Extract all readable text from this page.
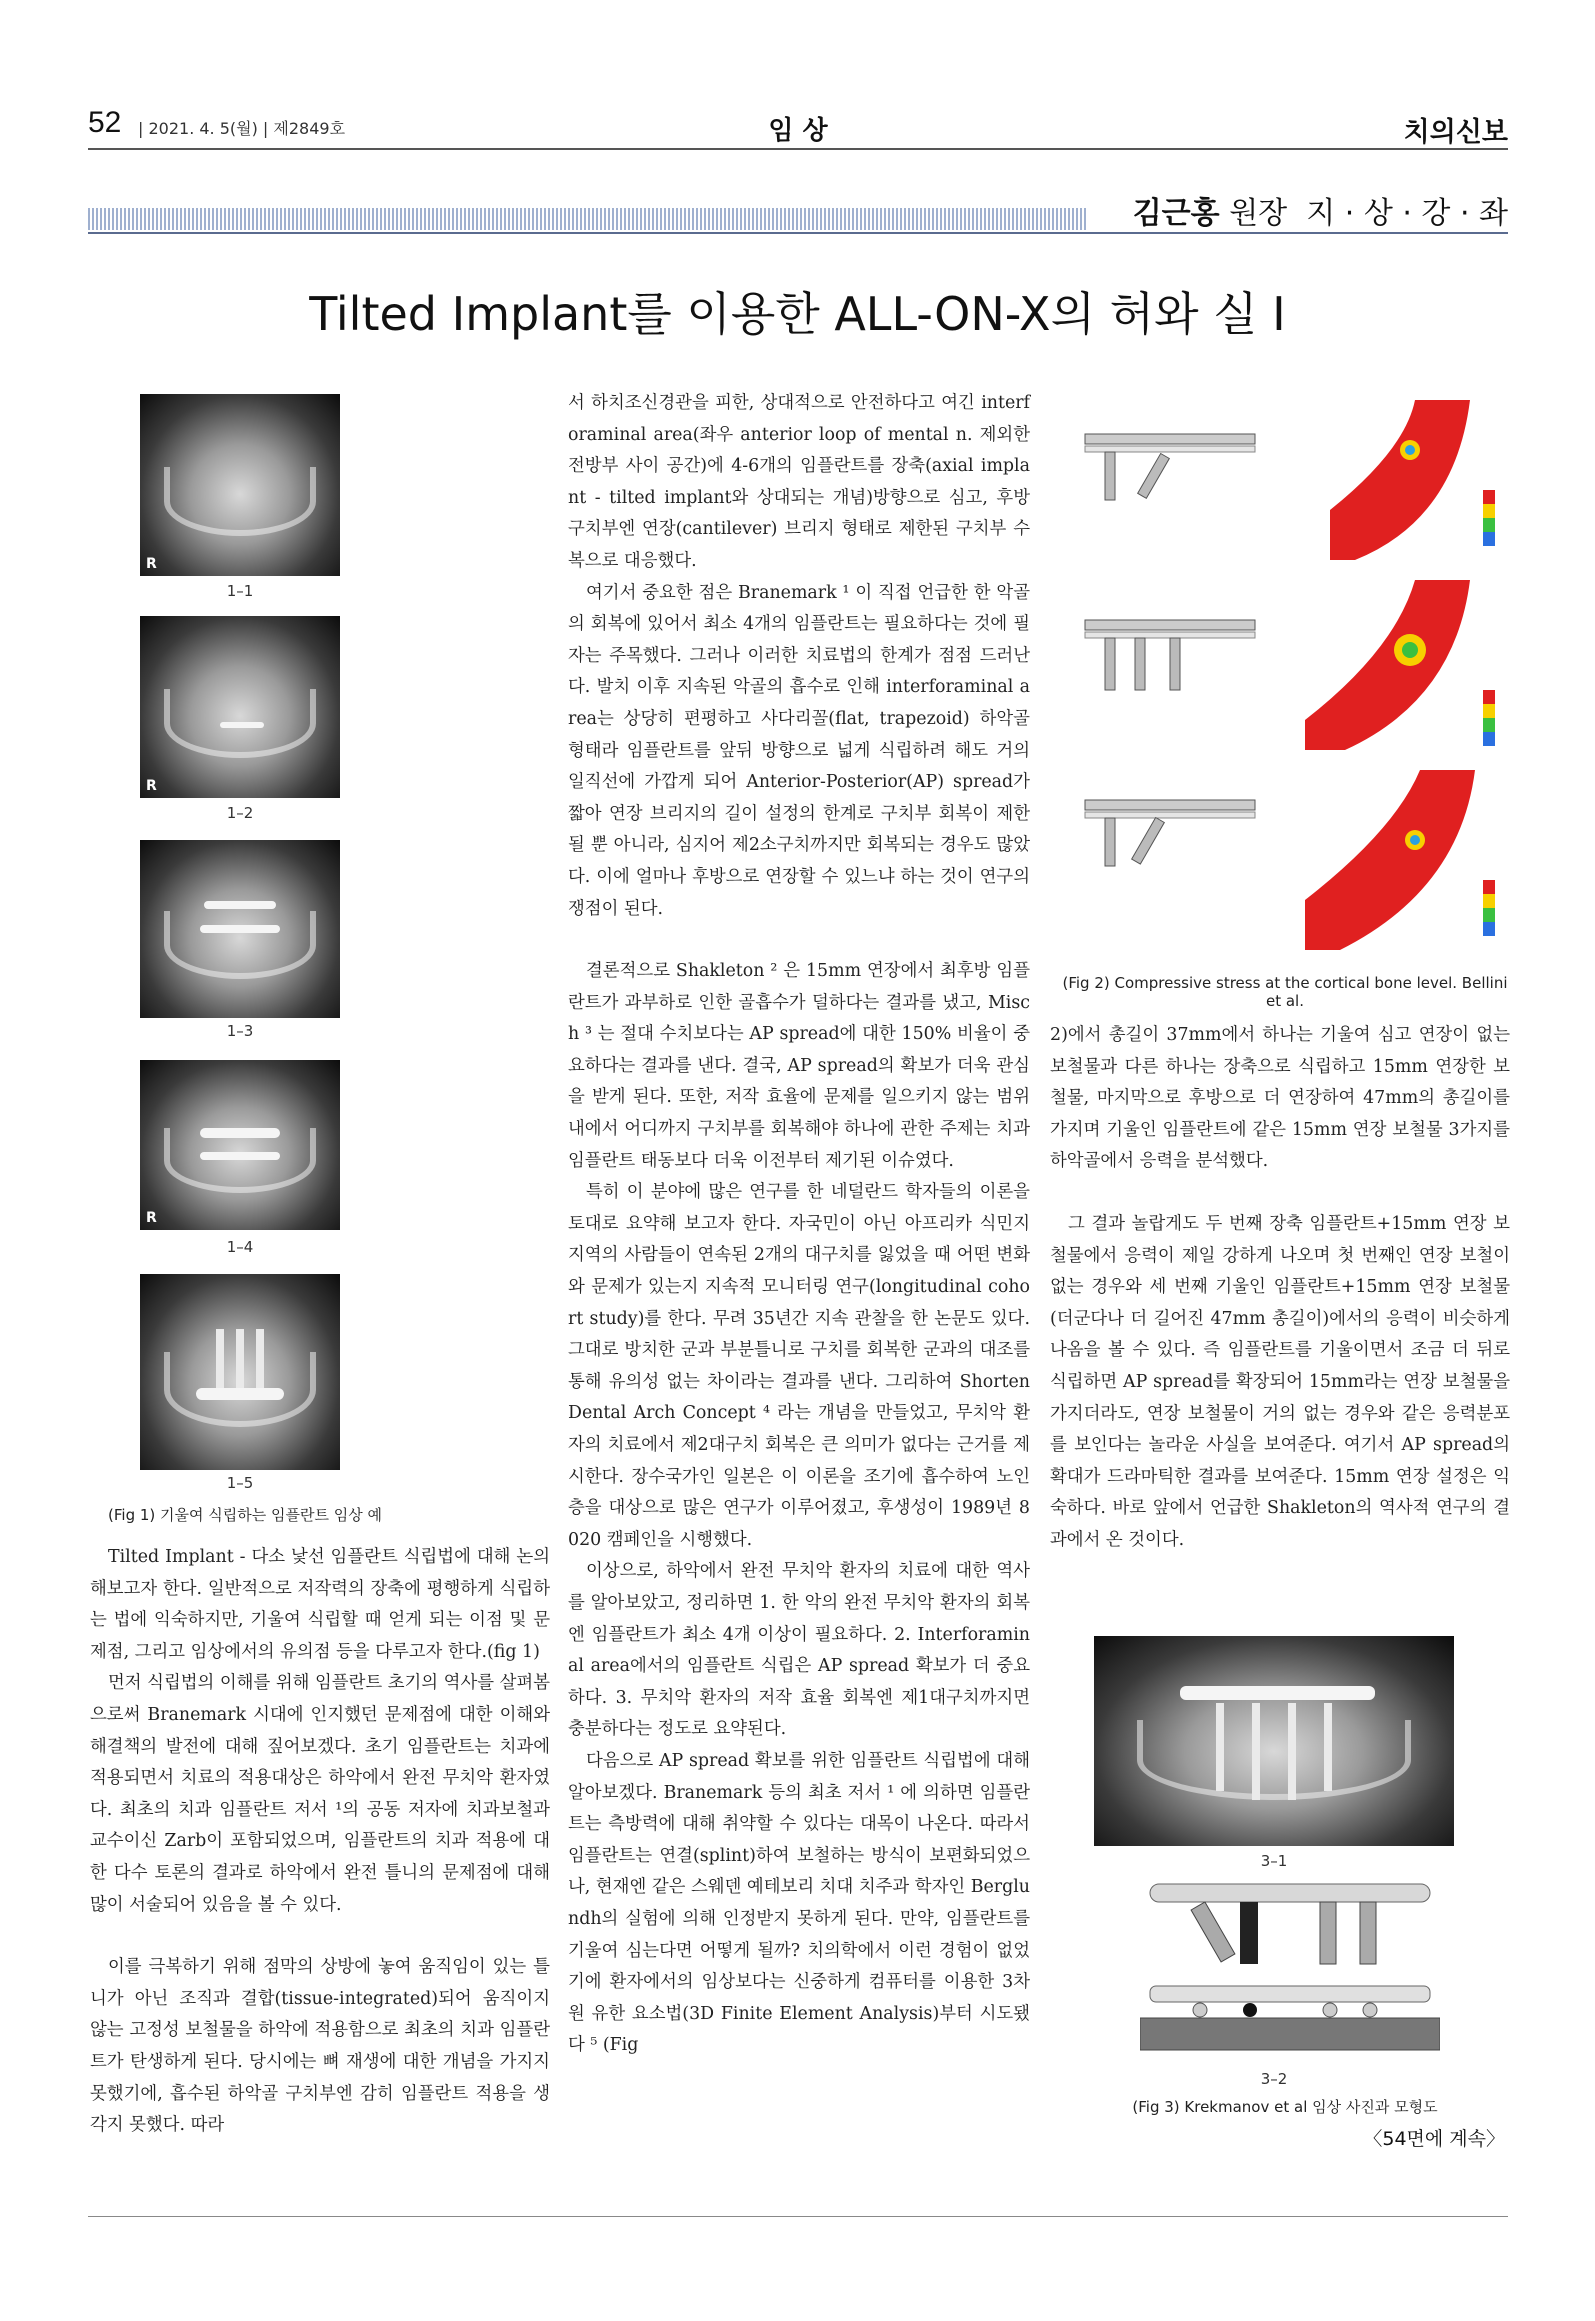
52 | 2021. 4. 5(월) | 제2849호	임 상	치의신보
김근홍 원장 지 · 상 · 강 · 좌
Tilted Implant를 이용한 ALL-ON-X의 허와 실 I
R
1–1
R
1–2
1–3
R
1–4
1–5
(Fig 1) 기울여 식립하는 임플란트 임상 예

Tilted Implant - 다소 낯선 임플란트 식립법에 대해 논의해보고자 한다. 일반적으로 저작력의 장축에 평행하게 식립하는 법에 익숙하지만, 기울여 식립할 때 얻게 되는 이점 및 문제점, 그리고 임상에서의 유의점 등을 다루고자 한다.(fig 1)

먼저 식립법의 이해를 위해 임플란트 초기의 역사를 살펴봄으로써 Branemark 시대에 인지했던 문제점에 대한 이해와 해결책의 발전에 대해 짚어보겠다. 초기 임플란트는 치과에 적용되면서 치료의 적용대상은 하악에서 완전 무치악 환자였다. 최초의 치과 임플란트 저서 ¹의 공동 저자에 치과보철과 교수이신 Zarb이 포함되었으며, 임플란트의 치과 적용에 대한 다수 토론의 결과로 하악에서 완전 틀니의 문제점에 대해 많이 서술되어 있음을 볼 수 있다.

이를 극복하기 위해 점막의 상방에 놓여 움직임이 있는 틀니가 아닌 조직과 결합(tissue-integrated)되어 움직이지 않는 고정성 보철물을 하악에 적용함으로 최초의 치과 임플란트가 탄생하게 된다. 당시에는 뼈 재생에 대한 개념을 가지지 못했기에, 흡수된 하악골 구치부엔 감히 임플란트 적용을 생각지 못했다. 따라

서 하치조신경관을 피한, 상대적으로 안전하다고 여긴 interforaminal area(좌우 anterior loop of mental n. 제외한 전방부 사이 공간)에 4-6개의 임플란트를 장축(axial implant - tilted implant와 상대되는 개념)방향으로 심고, 후방 구치부엔 연장(cantilever) 브리지 형태로 제한된 구치부 수복으로 대응했다.

여기서 중요한 점은 Branemark ¹ 이 직접 언급한 한 악골의 회복에 있어서 최소 4개의 임플란트는 필요하다는 것에 필자는 주목했다. 그러나 이러한 치료법의 한계가 점점 드러난다. 발치 이후 지속된 악골의 흡수로 인해 interforaminal area는 상당히 편평하고 사다리꼴(flat, trapezoid) 하악골 형태라 임플란트를 앞뒤 방향으로 넓게 식립하려 해도 거의 일직선에 가깝게 되어 Anterior-Posterior(AP) spread가 짧아 연장 브리지의 길이 설정의 한계로 구치부 회복이 제한될 뿐 아니라, 심지어 제2소구치까지만 회복되는 경우도 많았다. 이에 얼마나 후방으로 연장할 수 있느냐 하는 것이 연구의 쟁점이 된다.

결론적으로 Shakleton ² 은 15mm 연장에서 최후방 임플란트가 과부하로 인한 골흡수가 덜하다는 결과를 냈고, Misch ³ 는 절대 수치보다는 AP spread에 대한 150% 비율이 중요하다는 결과를 낸다. 결국, AP spread의 확보가 더욱 관심을 받게 된다. 또한, 저작 효율에 문제를 일으키지 않는 범위 내에서 어디까지 구치부를 회복해야 하나에 관한 주제는 치과 임플란트 태동보다 더욱 이전부터 제기된 이슈였다.

특히 이 분야에 많은 연구를 한 네덜란드 학자들의 이론을 토대로 요약해 보고자 한다. 자국민이 아닌 아프리카 식민지 지역의 사람들이 연속된 2개의 대구치를 잃었을 때 어떤 변화와 문제가 있는지 지속적 모니터링 연구(longitudinal cohort study)를 한다. 무려 35년간 지속 관찰을 한 논문도 있다. 그대로 방치한 군과 부분틀니로 구치를 회복한 군과의 대조를 통해 유의성 없는 차이라는 결과를 낸다. 그리하여 Shorten Dental Arch Concept ⁴ 라는 개념을 만들었고, 무치악 환자의 치료에서 제2대구치 회복은 큰 의미가 없다는 근거를 제시한다. 장수국가인 일본은 이 이론을 조기에 흡수하여 노인층을 대상으로 많은 연구가 이루어졌고, 후생성이 1989년 8020 캠페인을 시행했다.

이상으로, 하악에서 완전 무치악 환자의 치료에 대한 역사를 알아보았고, 정리하면 1. 한 악의 완전 무치악 환자의 회복엔 임플란트가 최소 4개 이상이 필요하다. 2. Interforaminal area에서의 임플란트 식립은 AP spread 확보가 더 중요하다. 3. 무치악 환자의 저작 효율 회복엔 제1대구치까지면 충분하다는 정도로 요약된다.

다음으로 AP spread 확보를 위한 임플란트 식립법에 대해 알아보겠다. Branemark 등의 최초 저서 ¹ 에 의하면 임플란트는 측방력에 대해 취약할 수 있다는 대목이 나온다. 따라서 임플란트는 연결(splint)하여 보철하는 방식이 보편화되었으나, 현재엔 같은 스웨덴 예테보리 치대 치주과 학자인 Berglundh의 실험에 의해 인정받지 못하게 된다. 만약, 임플란트를 기울여 심는다면 어떻게 될까? 치의학에서 이런 경험이 없었기에 환자에서의 임상보다는 신중하게 컴퓨터를 이용한 3차원 유한 요소법(3D Finite Element Analysis)부터 시도됐다 ⁵ (Fig

(Fig 2) Compressive stress at the cortical bone level. Bellini et al.

2)에서 총길이 37mm에서 하나는 기울여 심고 연장이 없는 보철물과 다른 하나는 장축으로 식립하고 15mm 연장한 보철물, 마지막으로 후방으로 더 연장하여 47mm의 총길이를 가지며 기울인 임플란트에 같은 15mm 연장 보철물 3가지를 하악골에서 응력을 분석했다.

그 결과 놀랍게도 두 번째 장축 임플란트+15mm 연장 보철물에서 응력이 제일 강하게 나오며 첫 번째인 연장 보철이 없는 경우와 세 번째 기울인 임플란트+15mm 연장 보철물(더군다나 더 길어진 47mm 총길이)에서의 응력이 비슷하게 나옴을 볼 수 있다. 즉 임플란트를 기울이면서 조금 더 뒤로 식립하면 AP spread를 확장되어 15mm라는 연장 보철물을 가지더라도, 연장 보철물이 거의 없는 경우와 같은 응력분포를 보인다는 놀라운 사실을 보여준다. 여기서 AP spread의 확대가 드라마틱한 결과를 보여준다. 15mm 연장 설정은 익숙하다. 바로 앞에서 언급한 Shakleton의 역사적 연구의 결과에서 온 것이다.

3–1
3–2
(Fig 3) Krekmanov et al 임상 사진과 모형도
〈54면에 계속〉
